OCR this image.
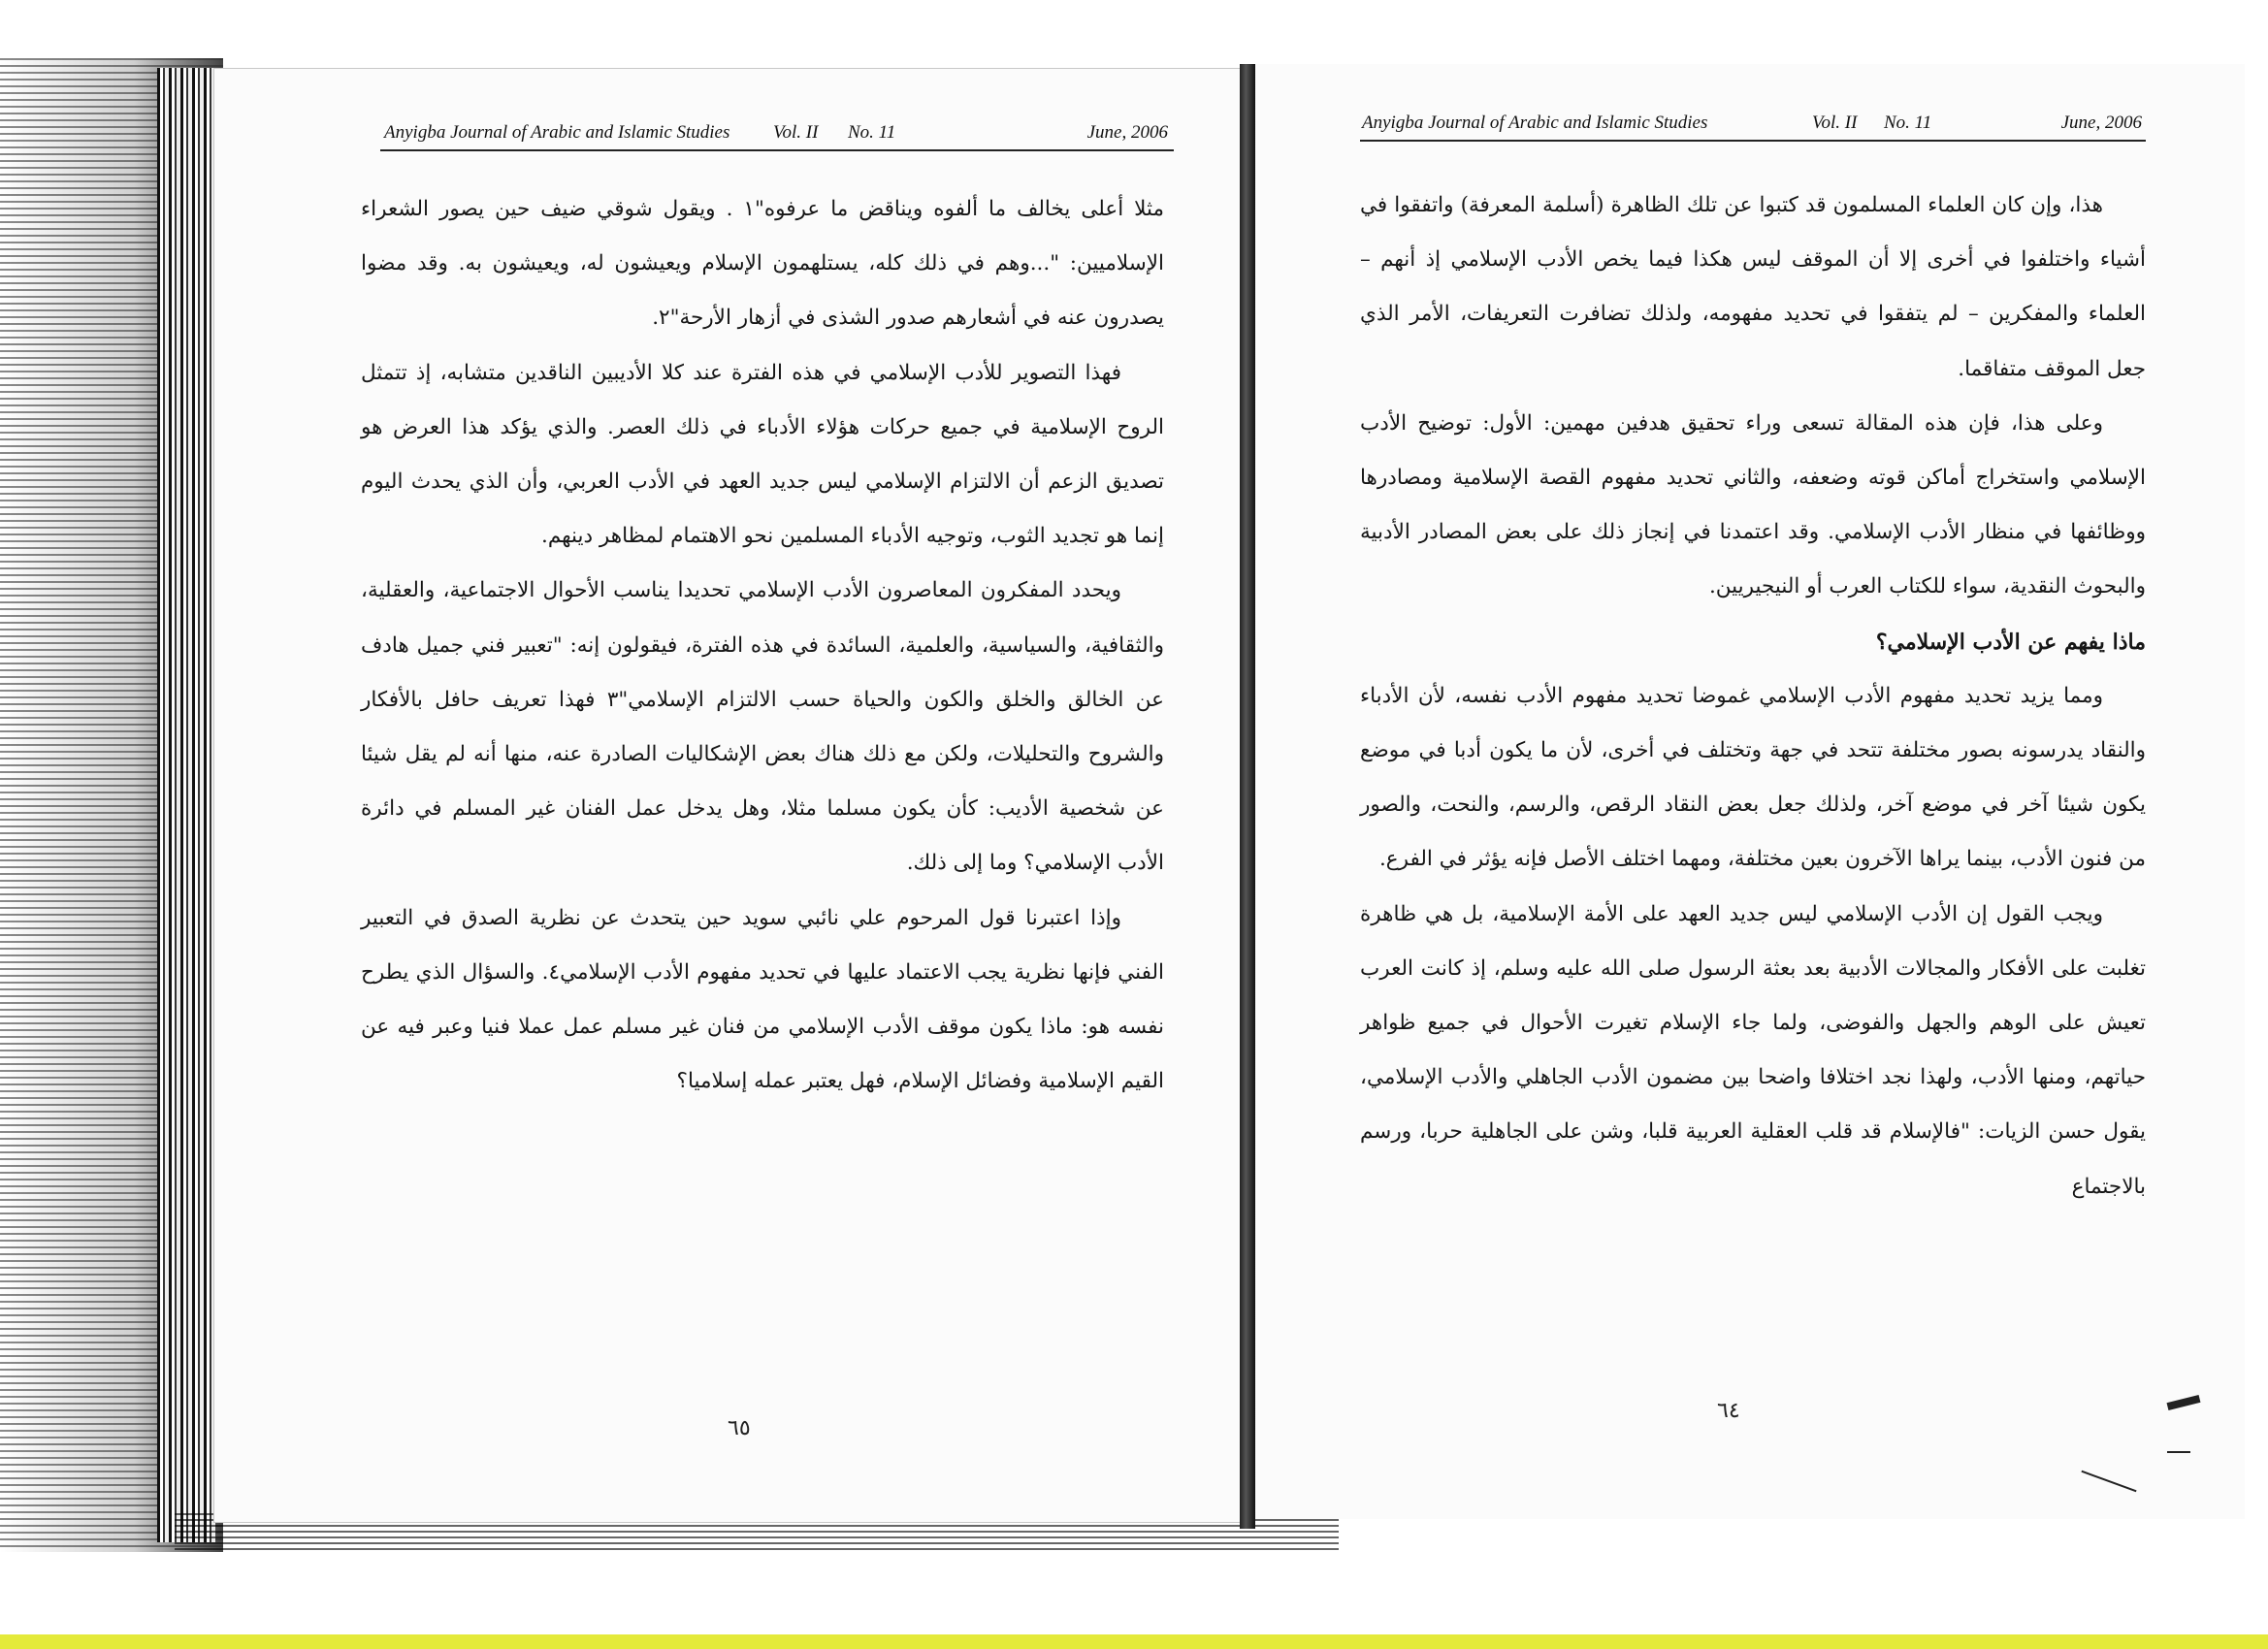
Anyigba Journal of Arabic and Islamic Studies Vol. II No. 11	June, 2006

مثلا أعلى يخالف ما ألفوه ويناقض ما عرفوه"١ . ويقول شوقي ضيف حين يصور الشعراء الإسلاميين: "...وهم في ذلك كله، يستلهمون الإسلام ويعيشون له، ويعيشون به. وقد مضوا يصدرون عنه في أشعارهم صدور الشذى في أزهار الأرحة"٢.

فهذا التصوير للأدب الإسلامي في هذه الفترة عند كلا الأديبين الناقدين متشابه، إذ تتمثل الروح الإسلامية في جميع حركات هؤلاء الأدباء في ذلك العصر. والذي يؤكد هذا العرض هو تصديق الزعم أن الالتزام الإسلامي ليس جديد العهد في الأدب العربي، وأن الذي يحدث اليوم إنما هو تجديد الثوب، وتوجيه الأدباء المسلمين نحو الاهتمام لمظاهر دينهم.

ويحدد المفكرون المعاصرون الأدب الإسلامي تحديدا يناسب الأحوال الاجتماعية، والعقلية، والثقافية، والسياسية، والعلمية، السائدة في هذه الفترة، فيقولون إنه: "تعبير فني جميل هادف عن الخالق والخلق والكون والحياة حسب الالتزام الإسلامي"٣ فهذا تعريف حافل بالأفكار والشروح والتحليلات، ولكن مع ذلك هناك بعض الإشكاليات الصادرة عنه، منها أنه لم يقل شيئا عن شخصية الأديب: كأن يكون مسلما مثلا، وهل يدخل عمل الفنان غير المسلم في دائرة الأدب الإسلامي؟ وما إلى ذلك.

وإذا اعتبرنا قول المرحوم علي نائبي سويد حين يتحدث عن نظرية الصدق في التعبير الفني فإنها نظرية يجب الاعتماد عليها في تحديد مفهوم الأدب الإسلامي٤. والسؤال الذي يطرح نفسه هو: ماذا يكون موقف الأدب الإسلامي من فنان غير مسلم عمل عملا فنيا وعبر فيه عن القيم الإسلامية وفضائل الإسلام، فهل يعتبر عمله إسلاميا؟

٦٥
Anyigba Journal of Arabic and Islamic Studies	Vol. II No. 11	June, 2006

هذا، وإن كان العلماء المسلمون قد كتبوا عن تلك الظاهرة (أسلمة المعرفة) واتفقوا في أشياء واختلفوا في أخرى إلا أن الموقف ليس هكذا فيما يخص الأدب الإسلامي إذ أنهم – العلماء والمفكرين – لم يتفقوا في تحديد مفهومه، ولذلك تضافرت التعريفات، الأمر الذي جعل الموقف متفاقما.

وعلى هذا، فإن هذه المقالة تسعى وراء تحقيق هدفين مهمين: الأول: توضيح الأدب الإسلامي واستخراج أماكن قوته وضعفه، والثاني تحديد مفهوم القصة الإسلامية ومصادرها ووظائفها في منظار الأدب الإسلامي. وقد اعتمدنا في إنجاز ذلك على بعض المصادر الأدبية والبحوث النقدية، سواء للكتاب العرب أو النيجيريين.

ماذا يفهم عن الأدب الإسلامي؟

ومما يزيد تحديد مفهوم الأدب الإسلامي غموضا تحديد مفهوم الأدب نفسه، لأن الأدباء والنقاد يدرسونه بصور مختلفة تتحد في جهة وتختلف في أخرى، لأن ما يكون أدبا في موضع يكون شيئا آخر في موضع آخر، ولذلك جعل بعض النقاد الرقص، والرسم، والنحت، والصور من فنون الأدب، بينما يراها الآخرون بعين مختلفة، ومهما اختلف الأصل فإنه يؤثر في الفرع.

ويجب القول إن الأدب الإسلامي ليس جديد العهد على الأمة الإسلامية، بل هي ظاهرة تغلبت على الأفكار والمجالات الأدبية بعد بعثة الرسول صلى الله عليه وسلم، إذ كانت العرب تعيش على الوهم والجهل والفوضى، ولما جاء الإسلام تغيرت الأحوال في جميع ظواهر حياتهم، ومنها الأدب، ولهذا نجد اختلافا واضحا بين مضمون الأدب الجاهلي والأدب الإسلامي، يقول حسن الزيات: "فالإسلام قد قلب العقلية العربية قلبا، وشن على الجاهلية حربا، ورسم بالاجتماع

٦٤
